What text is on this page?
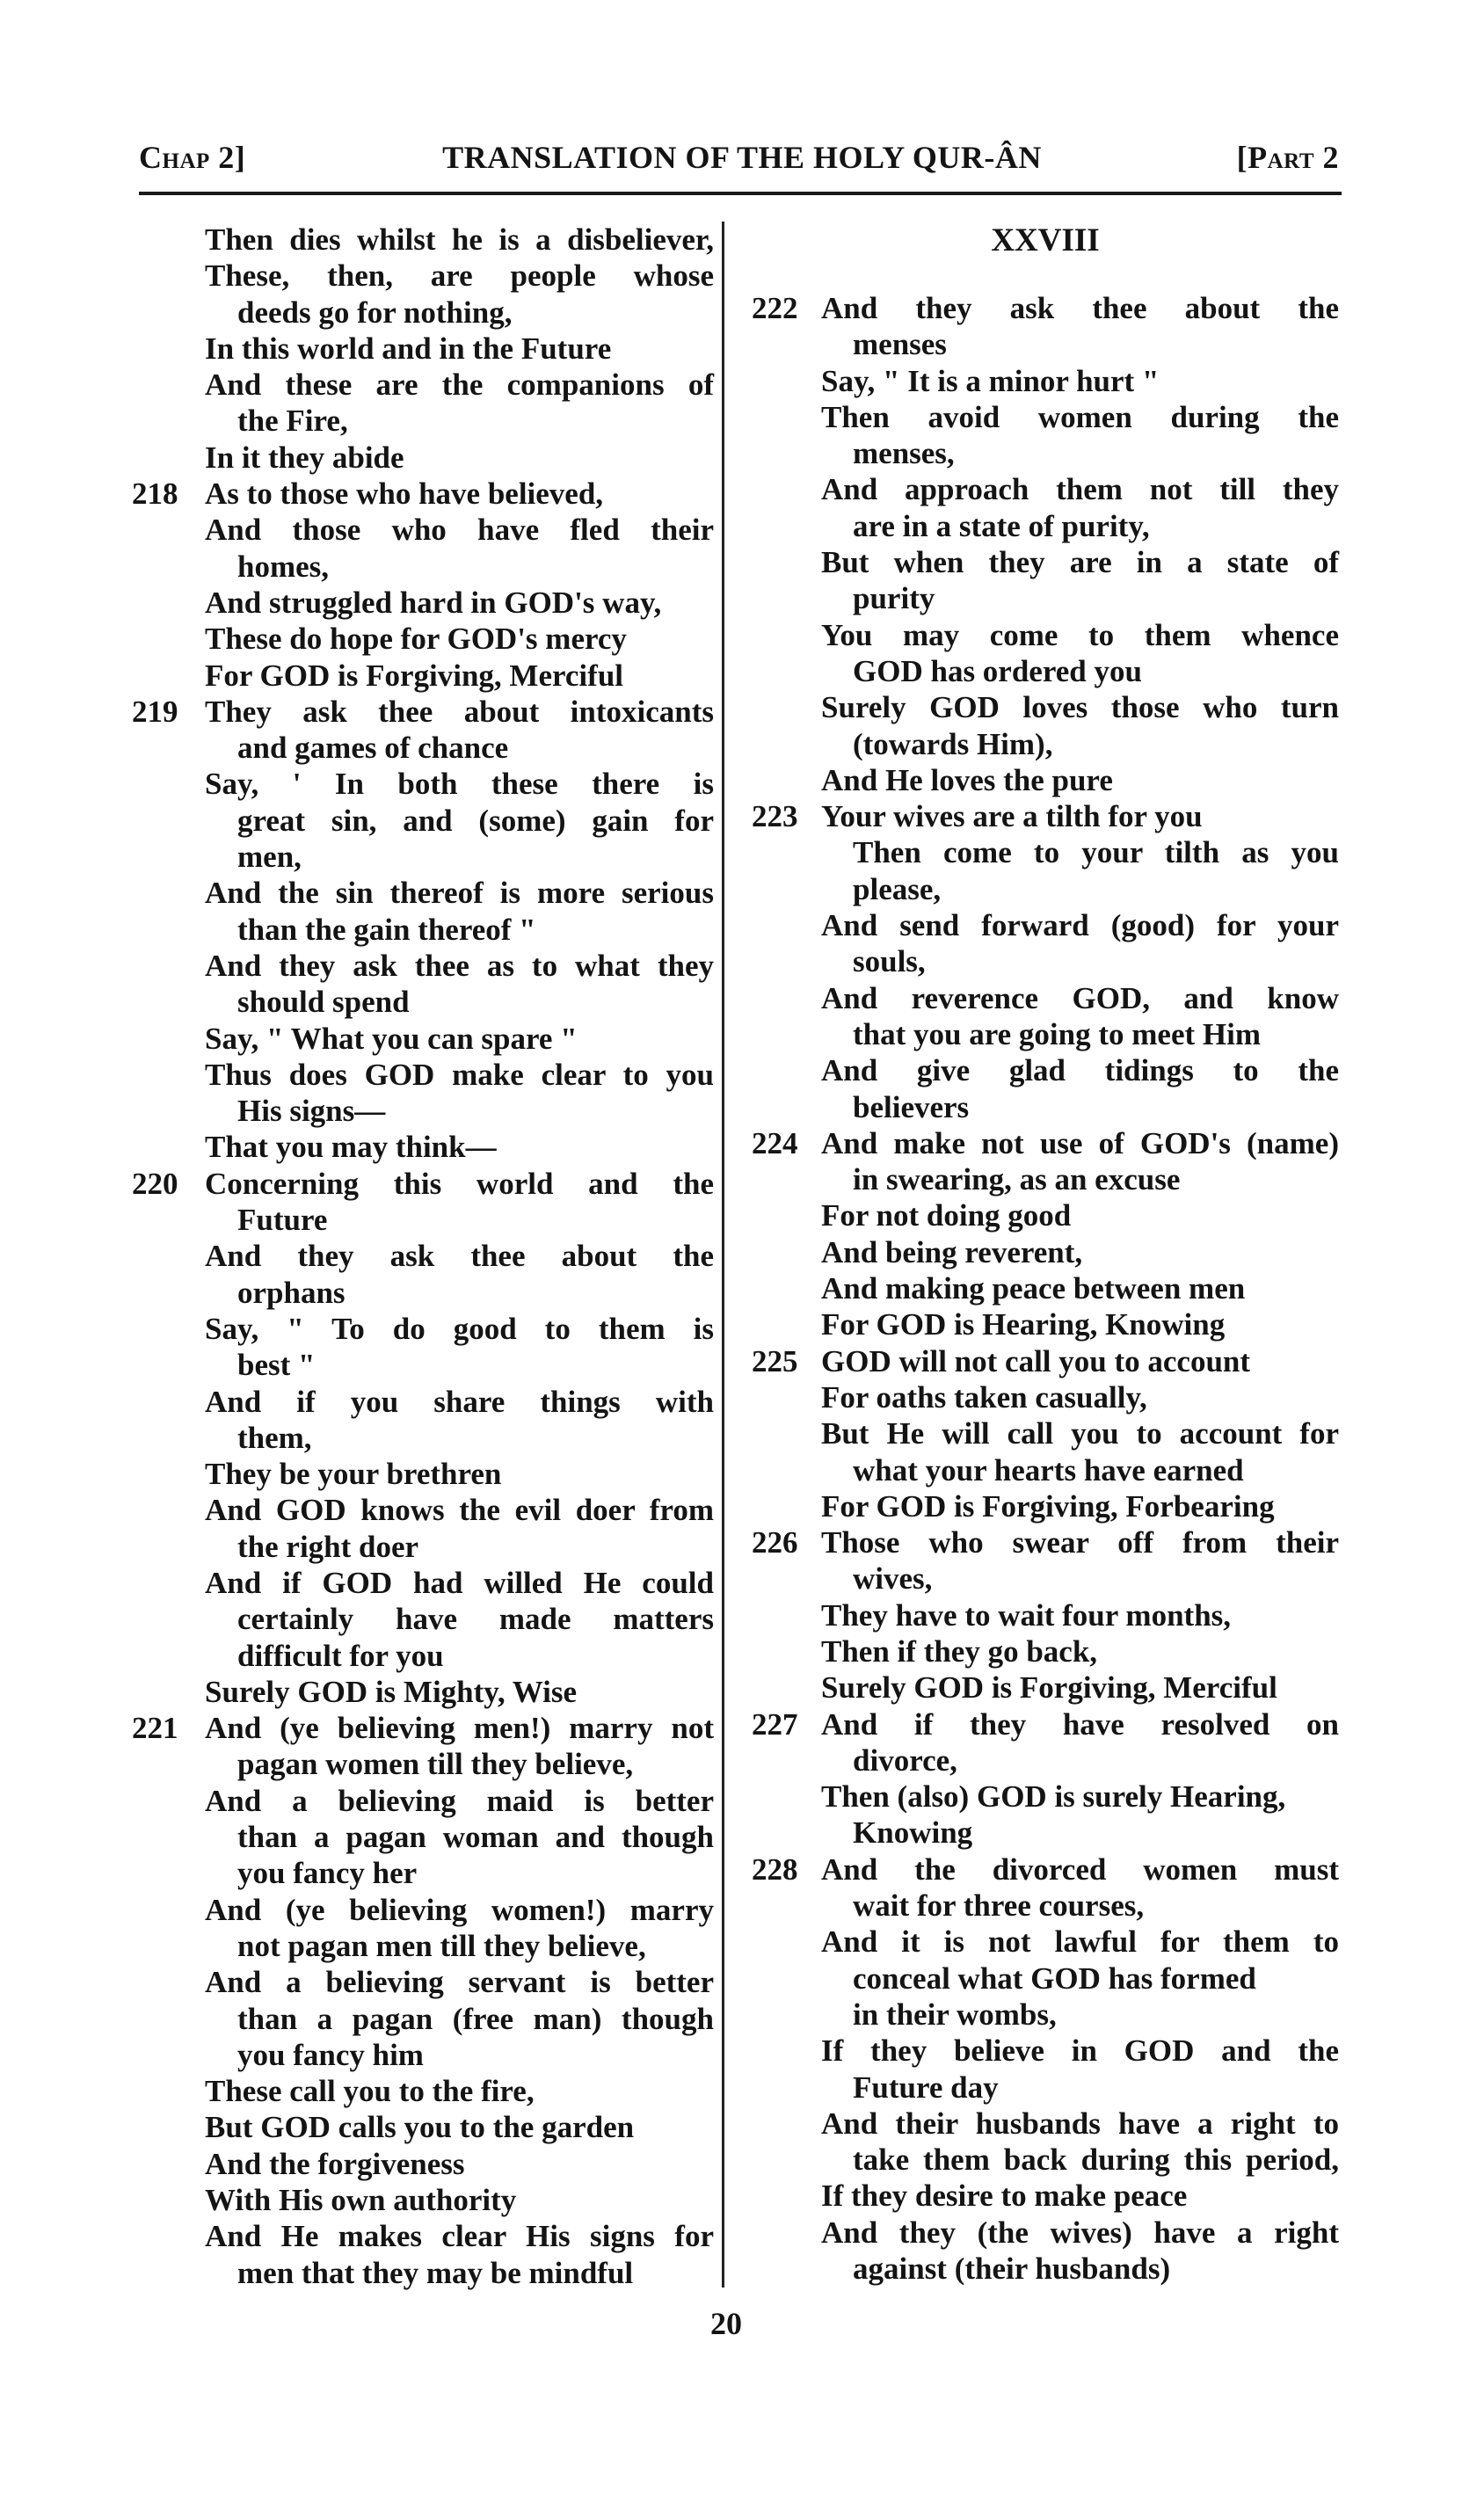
Chap 2]	TRANSLATION OF THE HOLY QUR-ÂN	[Part 2
Then dies whilst he is a disbeliever,
These, then, are people whose
deeds go for nothing,
In this world and in the Future
And these are the companions of
the Fire,
In it they abide
218 As to those who have believed,
And those who have fled their
homes,
And struggled hard in GOD's way,
These do hope for GOD's mercy
For GOD is Forgiving, Merciful
219 They ask thee about intoxicants
and games of chance
Say, ' In both these there is
great sin, and (some) gain for
men,
And the sin thereof is more serious
than the gain thereof "
And they ask thee as to what they
should spend
Say, " What you can spare "
Thus does GOD make clear to you
His signs—
That you may think—
220 Concerning this world and the
Future
And they ask thee about the
orphans
Say, " To do good to them is
best "
And if you share things with
them,
They be your brethren
And GOD knows the evil doer from
the right doer
And if GOD had willed He could
certainly have made matters
difficult for you
Surely GOD is Mighty, Wise
221 And (ye believing men!) marry not
pagan women till they believe,
And a believing maid is better
than a pagan woman and though
you fancy her
And (ye believing women!) marry
not pagan men till they believe,
And a believing servant is better
than a pagan (free man) though
you fancy him
These call you to the fire,
But GOD calls you to the garden
And the forgiveness
With His own authority
And He makes clear His signs for
men that they may be mindful
XXVIII
222 And they ask thee about the
menses
Say, " It is a minor hurt "
Then avoid women during the
menses,
And approach them not till they
are in a state of purity,
But when they are in a state of
purity
You may come to them whence
GOD has ordered you
Surely GOD loves those who turn
(towards Him),
And He loves the pure
223 Your wives are a tilth for you
Then come to your tilth as you
please,
And send forward (good) for your
souls,
And reverence GOD, and know
that you are going to meet Him
And give glad tidings to the
believers
224 And make not use of GOD's (name)
in swearing, as an excuse
For not doing good
And being reverent,
And making peace between men
For GOD is Hearing, Knowing
225 GOD will not call you to account
For oaths taken casually,
But He will call you to account for
what your hearts have earned
For GOD is Forgiving, Forbearing
226 Those who swear off from their
wives,
They have to wait four months,
Then if they go back,
Surely GOD is Forgiving, Merciful
227 And if they have resolved on
divorce,
Then (also) GOD is surely Hearing,
Knowing
228 And the divorced women must
wait for three courses,
And it is not lawful for them to
conceal what GOD has formed
in their wombs,
If they believe in GOD and the
Future day
And their husbands have a right to
take them back during this period,
If they desire to make peace
And they (the wives) have a right
against (their husbands)
20
